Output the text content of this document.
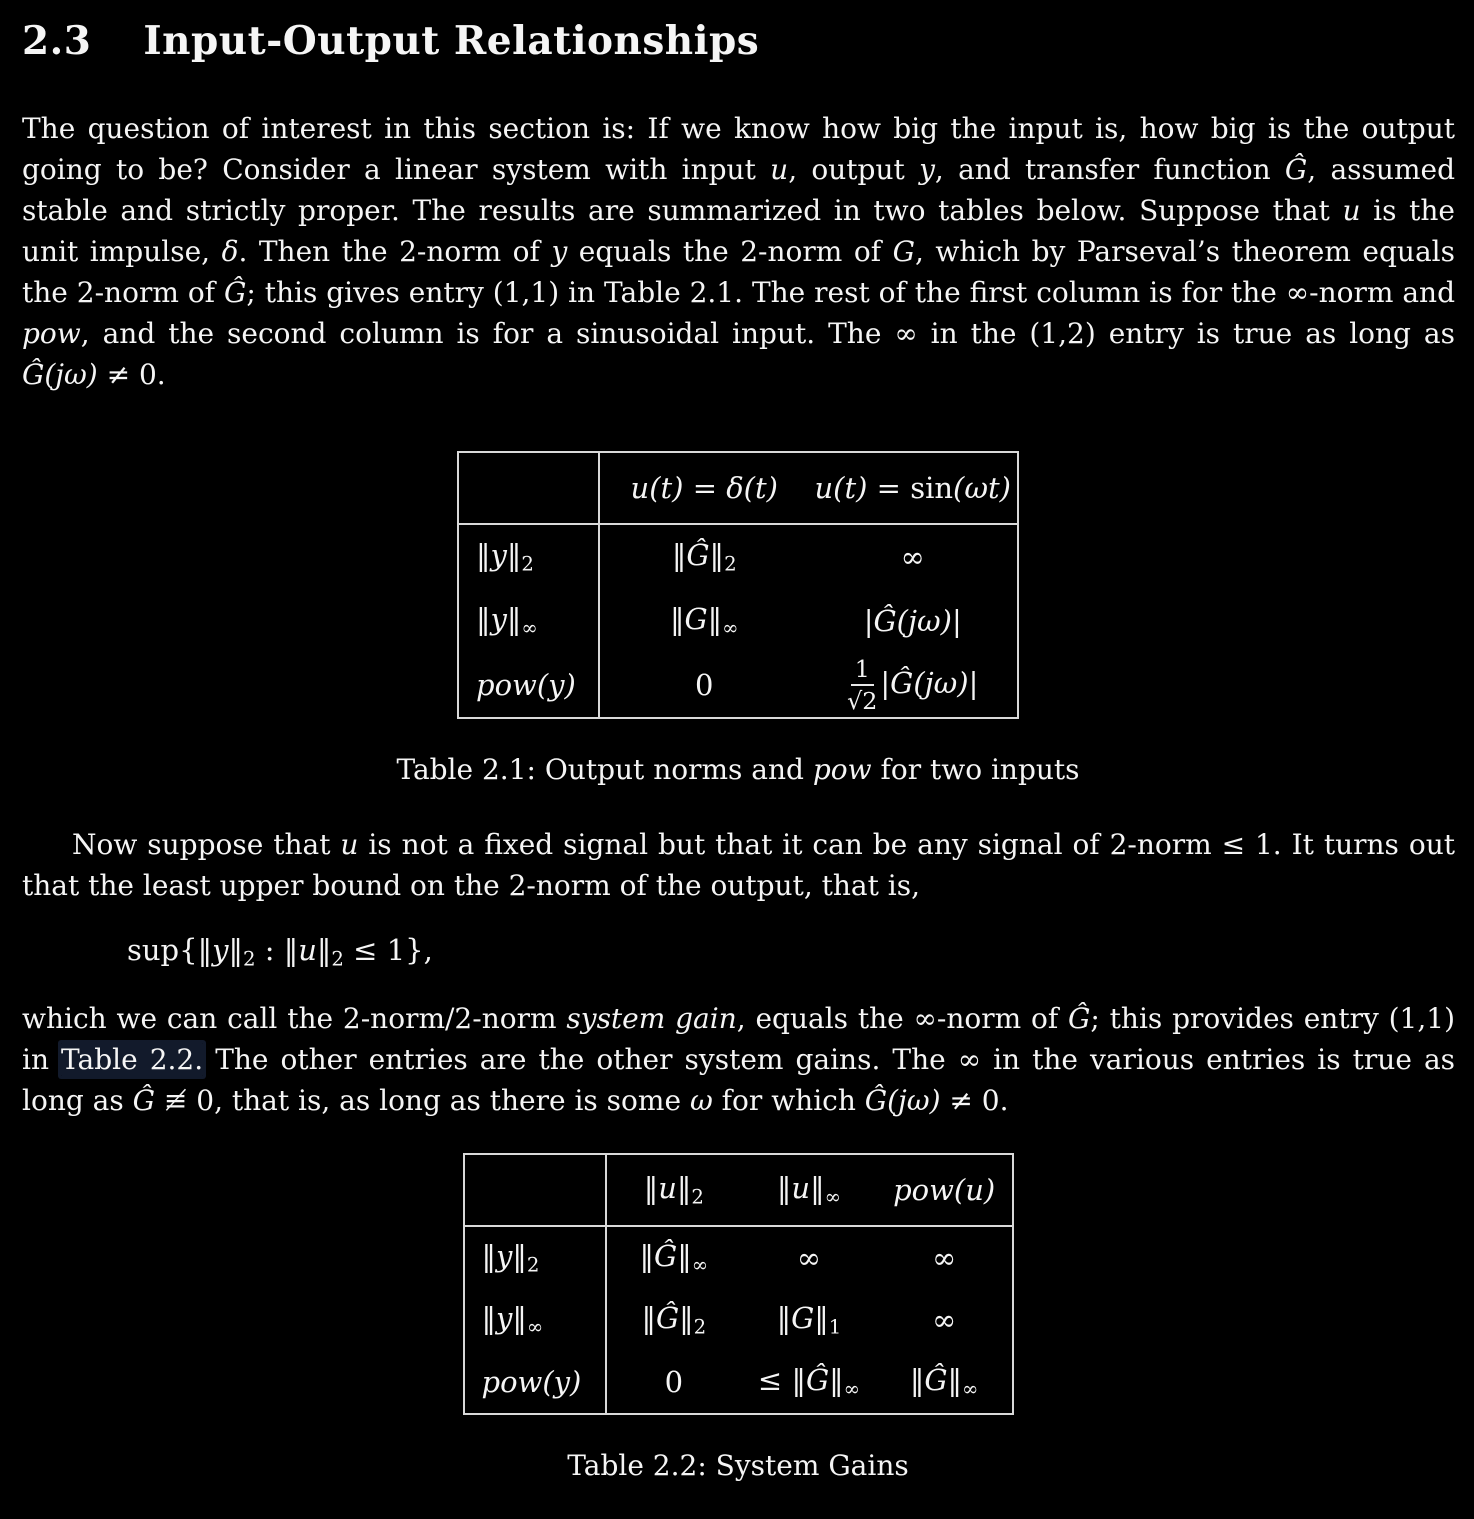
2.3 Input-Output Relationships

The question of interest in this section is: If we know how big the input is, how big is the output going to be? Consider a linear system with input u, output y, and transfer function Ĝ, assumed stable and strictly proper. The results are summarized in two tables below. Suppose that u is the unit impulse, δ. Then the 2-norm of y equals the 2-norm of G, which by Parseval’s theorem equals the 2-norm of Ĝ; this gives entry (1,1) in Table 2.1. The rest of the first column is for the ∞-norm and pow, and the second column is for a sinusoidal input. The ∞ in the (1,2) entry is true as long as Ĝ(jω) ≠ 0.

	u(t) = δ(t)	u(t) = sin(ωt)
‖y‖2	‖Ĝ‖2	∞
‖y‖∞	‖G‖∞	|Ĝ(jω)|
pow(y)	0	$\frac{1}{√2}$ |Ĝ(jω)|
Table 2.1: Output norms and pow for two inputs

Now suppose that u is not a fixed signal but that it can be any signal of 2-norm ≤ 1. It turns out that the least upper bound on the 2-norm of the output, that is,

sup{‖y‖2 : ‖u‖2 ≤ 1},

which we can call the 2-norm/2-norm system gain, equals the ∞-norm of Ĝ; this provides entry (1,1) in Table 2.2. The other entries are the other system gains. The ∞ in the various entries is true as long as Ĝ ≢ 0, that is, as long as there is some ω for which Ĝ(jω) ≠ 0.

	‖u‖2	‖u‖∞	pow(u)
‖y‖2	‖Ĝ‖∞	∞	∞
‖y‖∞	‖Ĝ‖2	‖G‖1	∞
pow(y)	0	≤ ‖Ĝ‖∞	‖Ĝ‖∞
Table 2.2: System Gains
